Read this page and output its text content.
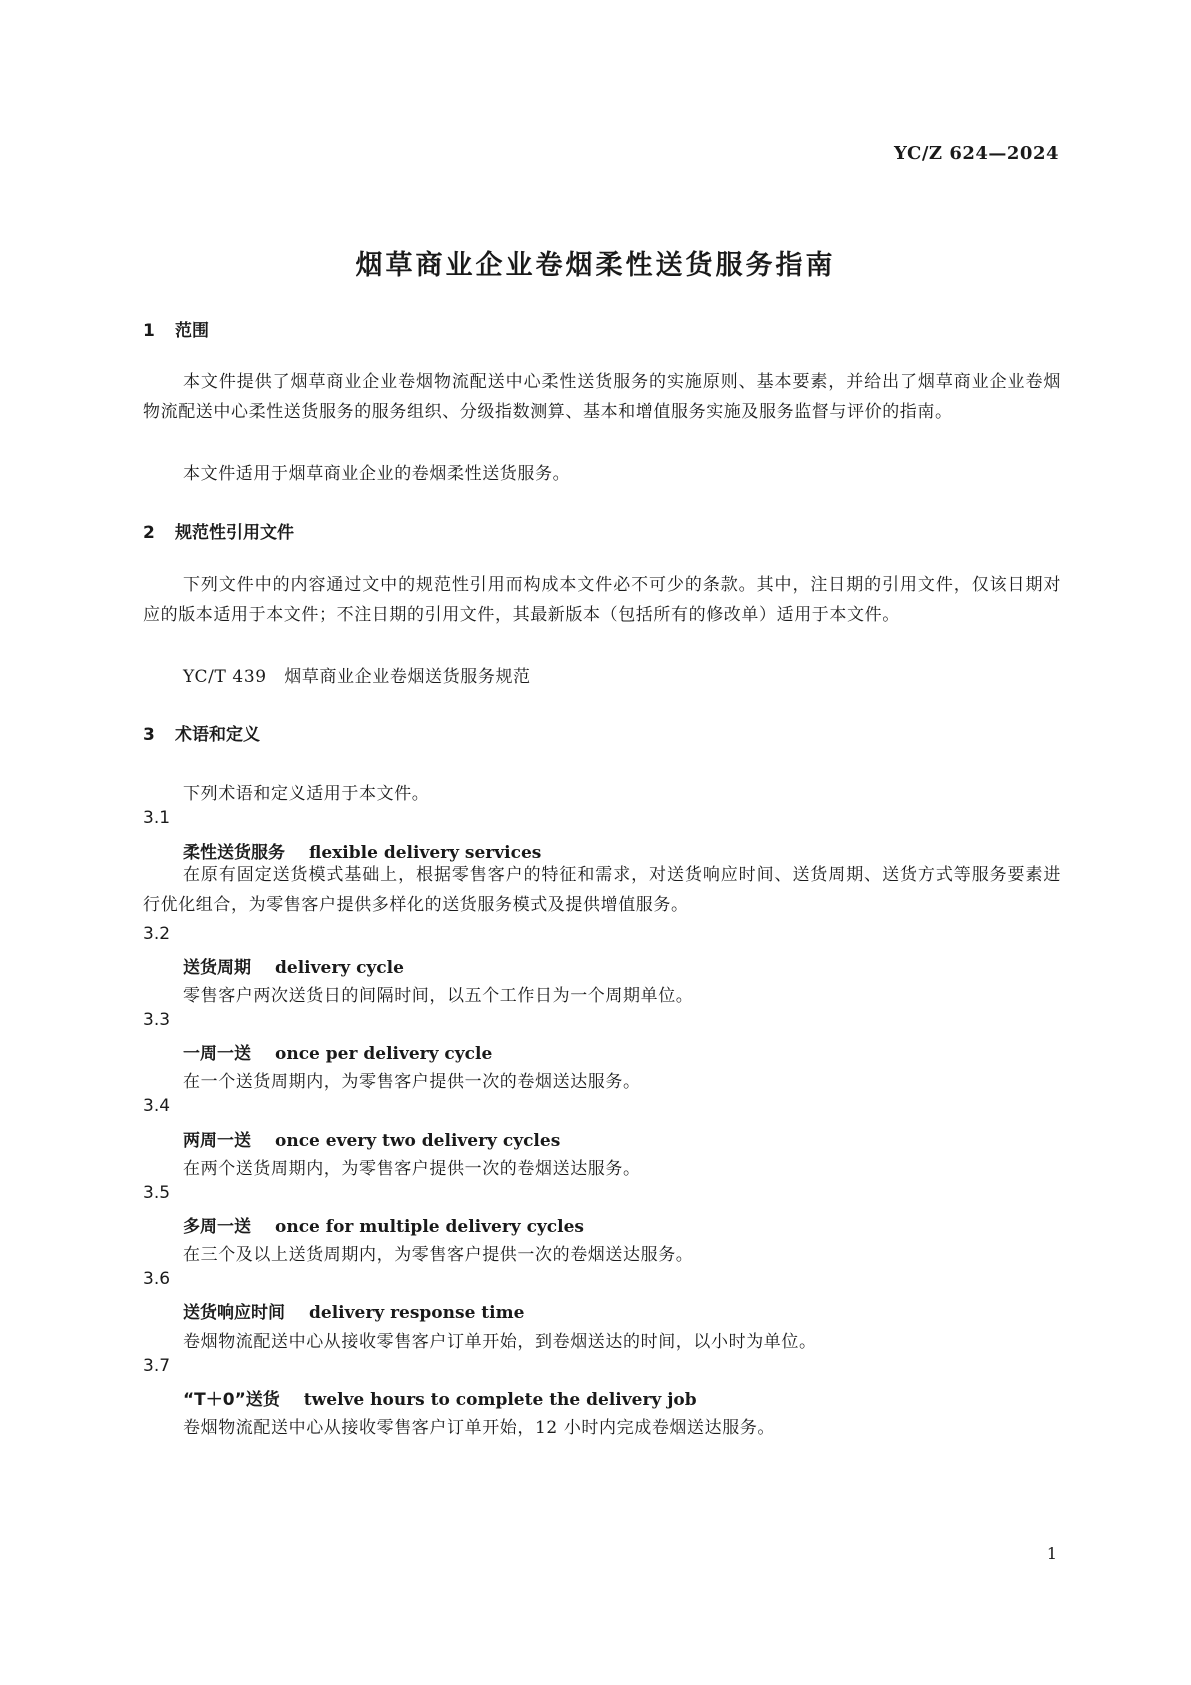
YC/Z 624—2024
烟草商业企业卷烟柔性送货服务指南
1 范围
本文件提供了烟草商业企业卷烟物流配送中心柔性送货服务的实施原则、基本要素，并给出了烟草商业企业卷烟物流配送中心柔性送货服务的服务组织、分级指数测算、基本和增值服务实施及服务监督与评价的指南。
本文件适用于烟草商业企业的卷烟柔性送货服务。
2 规范性引用文件
下列文件中的内容通过文中的规范性引用而构成本文件必不可少的条款。其中，注日期的引用文件，仅该日期对应的版本适用于本文件；不注日期的引用文件，其最新版本（包括所有的修改单）适用于本文件。
YC/T 439　烟草商业企业卷烟送货服务规范
3 术语和定义
下列术语和定义适用于本文件。
3.1
柔性送货服务 flexible delivery services
在原有固定送货模式基础上，根据零售客户的特征和需求，对送货响应时间、送货周期、送货方式等服务要素进行优化组合，为零售客户提供多样化的送货服务模式及提供增值服务。
3.2
送货周期 delivery cycle
零售客户两次送货日的间隔时间，以五个工作日为一个周期单位。
3.3
一周一送 once per delivery cycle
在一个送货周期内，为零售客户提供一次的卷烟送达服务。
3.4
两周一送 once every two delivery cycles
在两个送货周期内，为零售客户提供一次的卷烟送达服务。
3.5
多周一送 once for multiple delivery cycles
在三个及以上送货周期内，为零售客户提供一次的卷烟送达服务。
3.6
送货响应时间 delivery response time
卷烟物流配送中心从接收零售客户订单开始，到卷烟送达的时间，以小时为单位。
3.7
“T＋0”送货 twelve hours to complete the delivery job
卷烟物流配送中心从接收零售客户订单开始，12 小时内完成卷烟送达服务。
1
